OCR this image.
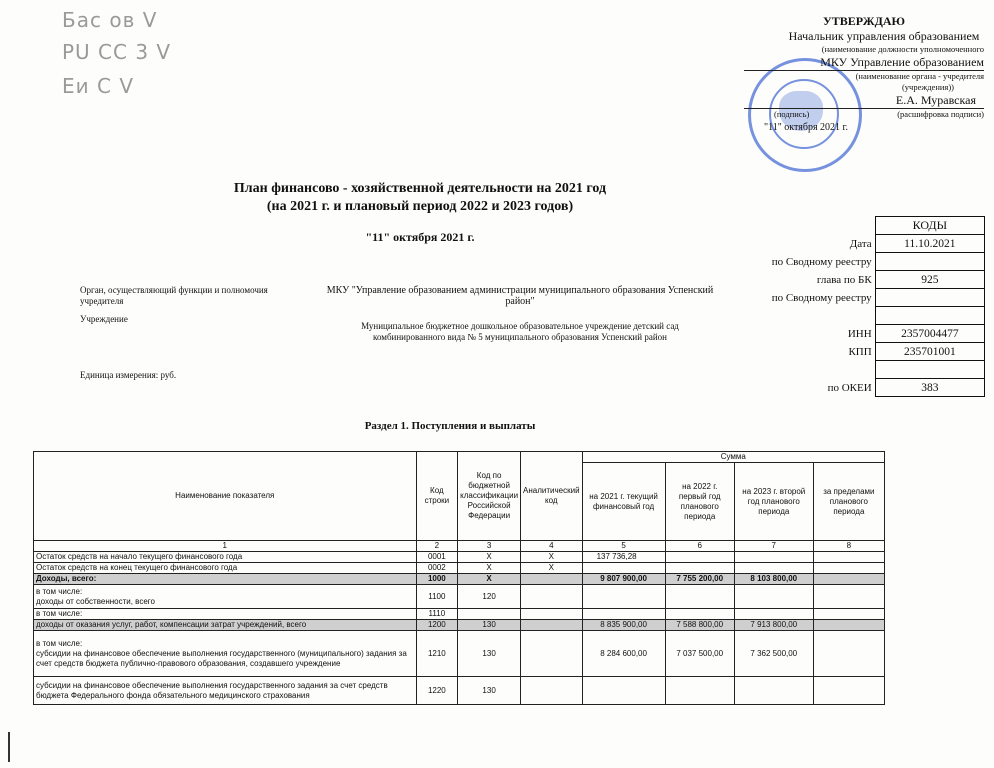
Бас ов V
PU СС 3 V
Еи С V
УТВЕРЖДАЮ
Начальник управления образованием
(наименование должности уполномоченного
МКУ Управление образованием
(наименование органа - учредителя
(учреждения))
Е.А. Муравская
(подпись)	(расшифровка подписи)
"11" октября 2021 г.
План финансово - хозяйственной деятельности на 2021 год
(на 2021 г. и плановый период 2022 и 2023 годов)
"11" октября 2021 г.
	КОДЫ
Дата	11.10.2021
по Сводному реестру	
глава по БК	925
по Сводному реестру	

ИНН	2357004477
КПП	235701001

по ОКЕИ	383
Орган, осуществляющий функции и полномочия учредителя
МКУ "Управление образованием администрации муниципального образования Успенский район"
Учреждение
Муниципальное бюджетное дошкольное образовательное учреждение детский сад комбинированного вида № 5 муниципального образования Успенский район
Единица измерения: руб.
Раздел 1. Поступления и выплаты
Наименование показателя	Код строки	Код по бюджетной классификации Российской Федерации	Аналитический код	Сумма			
				на 2021 г. текущий финансовый год	на 2022 г. первый год планового периода	на 2023 г. второй год планового периода	за пределами планового периода
1	2	3	4	5	6	7	8
Остаток средств на начало текущего финансового года	0001	X	X	137 736,28			
Остаток средств на конец текущего финансового года	0002	X	X				
Доходы, всего:	1000	X		9 807 900,00	7 755 200,00	8 103 800,00	

в том числе:
доходы от собственности, всего	1100	120					
в том числе:	1110						
доходы от оказания услуг, работ, компенсации затрат учреждений, всего	1200	130		8 835 900,00	7 588 800,00	7 913 800,00	

в том числе:
субсидии на финансовое обеспечение выполнения государственного (муниципального) задания за счет средств бюджета публично-правового образования, создавшего учреждение	1210	130		8 284 600,00	7 037 500,00	7 362 500,00	
субсидии на финансовое обеспечение выполнения государственного задания за счет средств бюджета Федерального фонда обязательного медицинского страхования	1220	130					
